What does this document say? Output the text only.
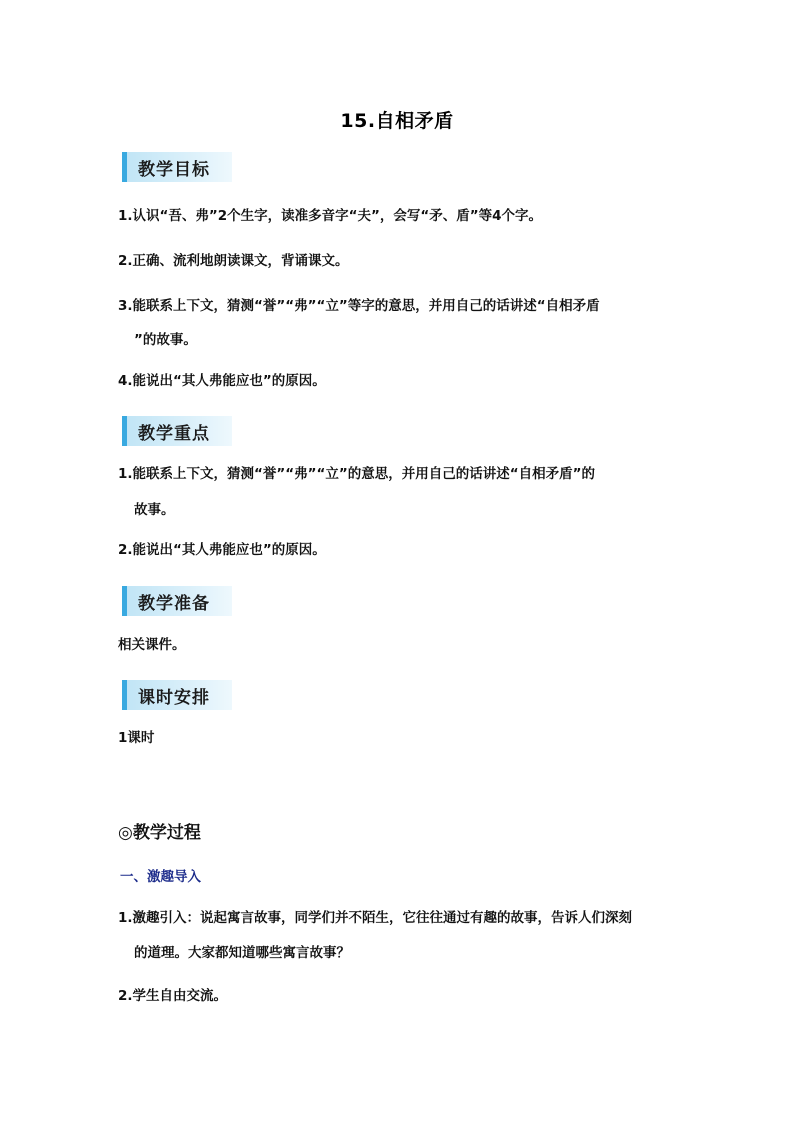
15.自相矛盾
教学目标
1.认识“吾、弗”2个生字，读准多音字“夫”，会写“矛、盾”等4个字。
2.正确、流利地朗读课文，背诵课文。
3.能联系上下文，猜测“誉”“弗”“立”等字的意思，并用自己的话讲述“自相矛盾
”的故事。
4.能说出“其人弗能应也”的原因。
教学重点
1.能联系上下文，猜测“誉”“弗”“立”的意思，并用自己的话讲述“自相矛盾”的
故事。
2.能说出“其人弗能应也”的原因。
教学准备
相关课件。
课时安排
1课时
◎教学过程
一、激趣导入
1.激趣引入：说起寓言故事，同学们并不陌生，它往往通过有趣的故事，告诉人们深刻
的道理。大家都知道哪些寓言故事？
2.学生自由交流。
